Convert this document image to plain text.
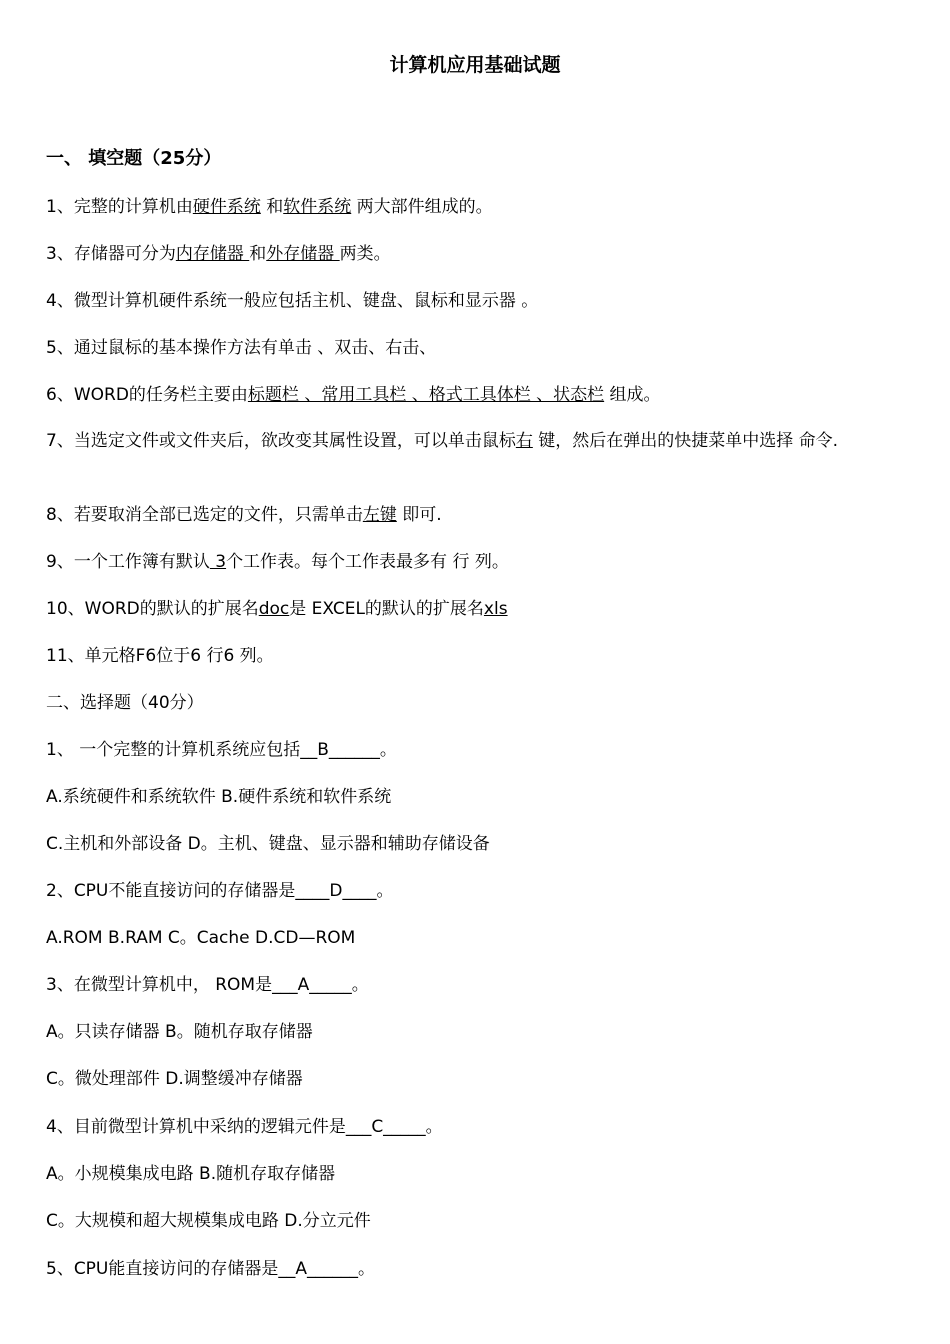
计算机应用基础试题
一、 填空题（25分）
1、完整的计算机由硬件系统 和软件系统 两大部件组成的。
3、存储器可分为内存储器 和外存储器 两类。
4、微型计算机硬件系统一般应包括主机、键盘、鼠标和显示器 。
5、通过鼠标的基本操作方法有单击 、双击、右击、
6、WORD的任务栏主要由标题栏 、常用工具栏 、格式工具体栏 、状态栏 组成。
7、当选定文件或文件夹后，欲改变其属性设置，可以单击鼠标右 键，然后在弹出的快捷菜单中选择 命令.
8、若要取消全部已选定的文件，只需单击左键 即可.
9、一个工作簿有默认 3个工作表。每个工作表最多有 行 列。
10、WORD的默认的扩展名doc是 EXCEL的默认的扩展名xls
11、单元格F6位于6 行6 列。
二、选择题（40分）
1、 一个完整的计算机系统应包括__B______。
A.系统硬件和系统软件 B.硬件系统和软件系统
C.主机和外部设备 D。主机、键盘、显示器和辅助存储设备
2、CPU不能直接访问的存储器是____D____。
A.ROM B.RAM C。Cache D.CD—ROM
3、在微型计算机中， ROM是___A_____。
A。只读存储器 B。随机存取存储器
C。微处理部件 D.调整缓冲存储器
4、目前微型计算机中采纳的逻辑元件是___C_____。
A。小规模集成电路 B.随机存取存储器
C。大规模和超大规模集成电路 D.分立元件
5、CPU能直接访问的存储器是__A______。
